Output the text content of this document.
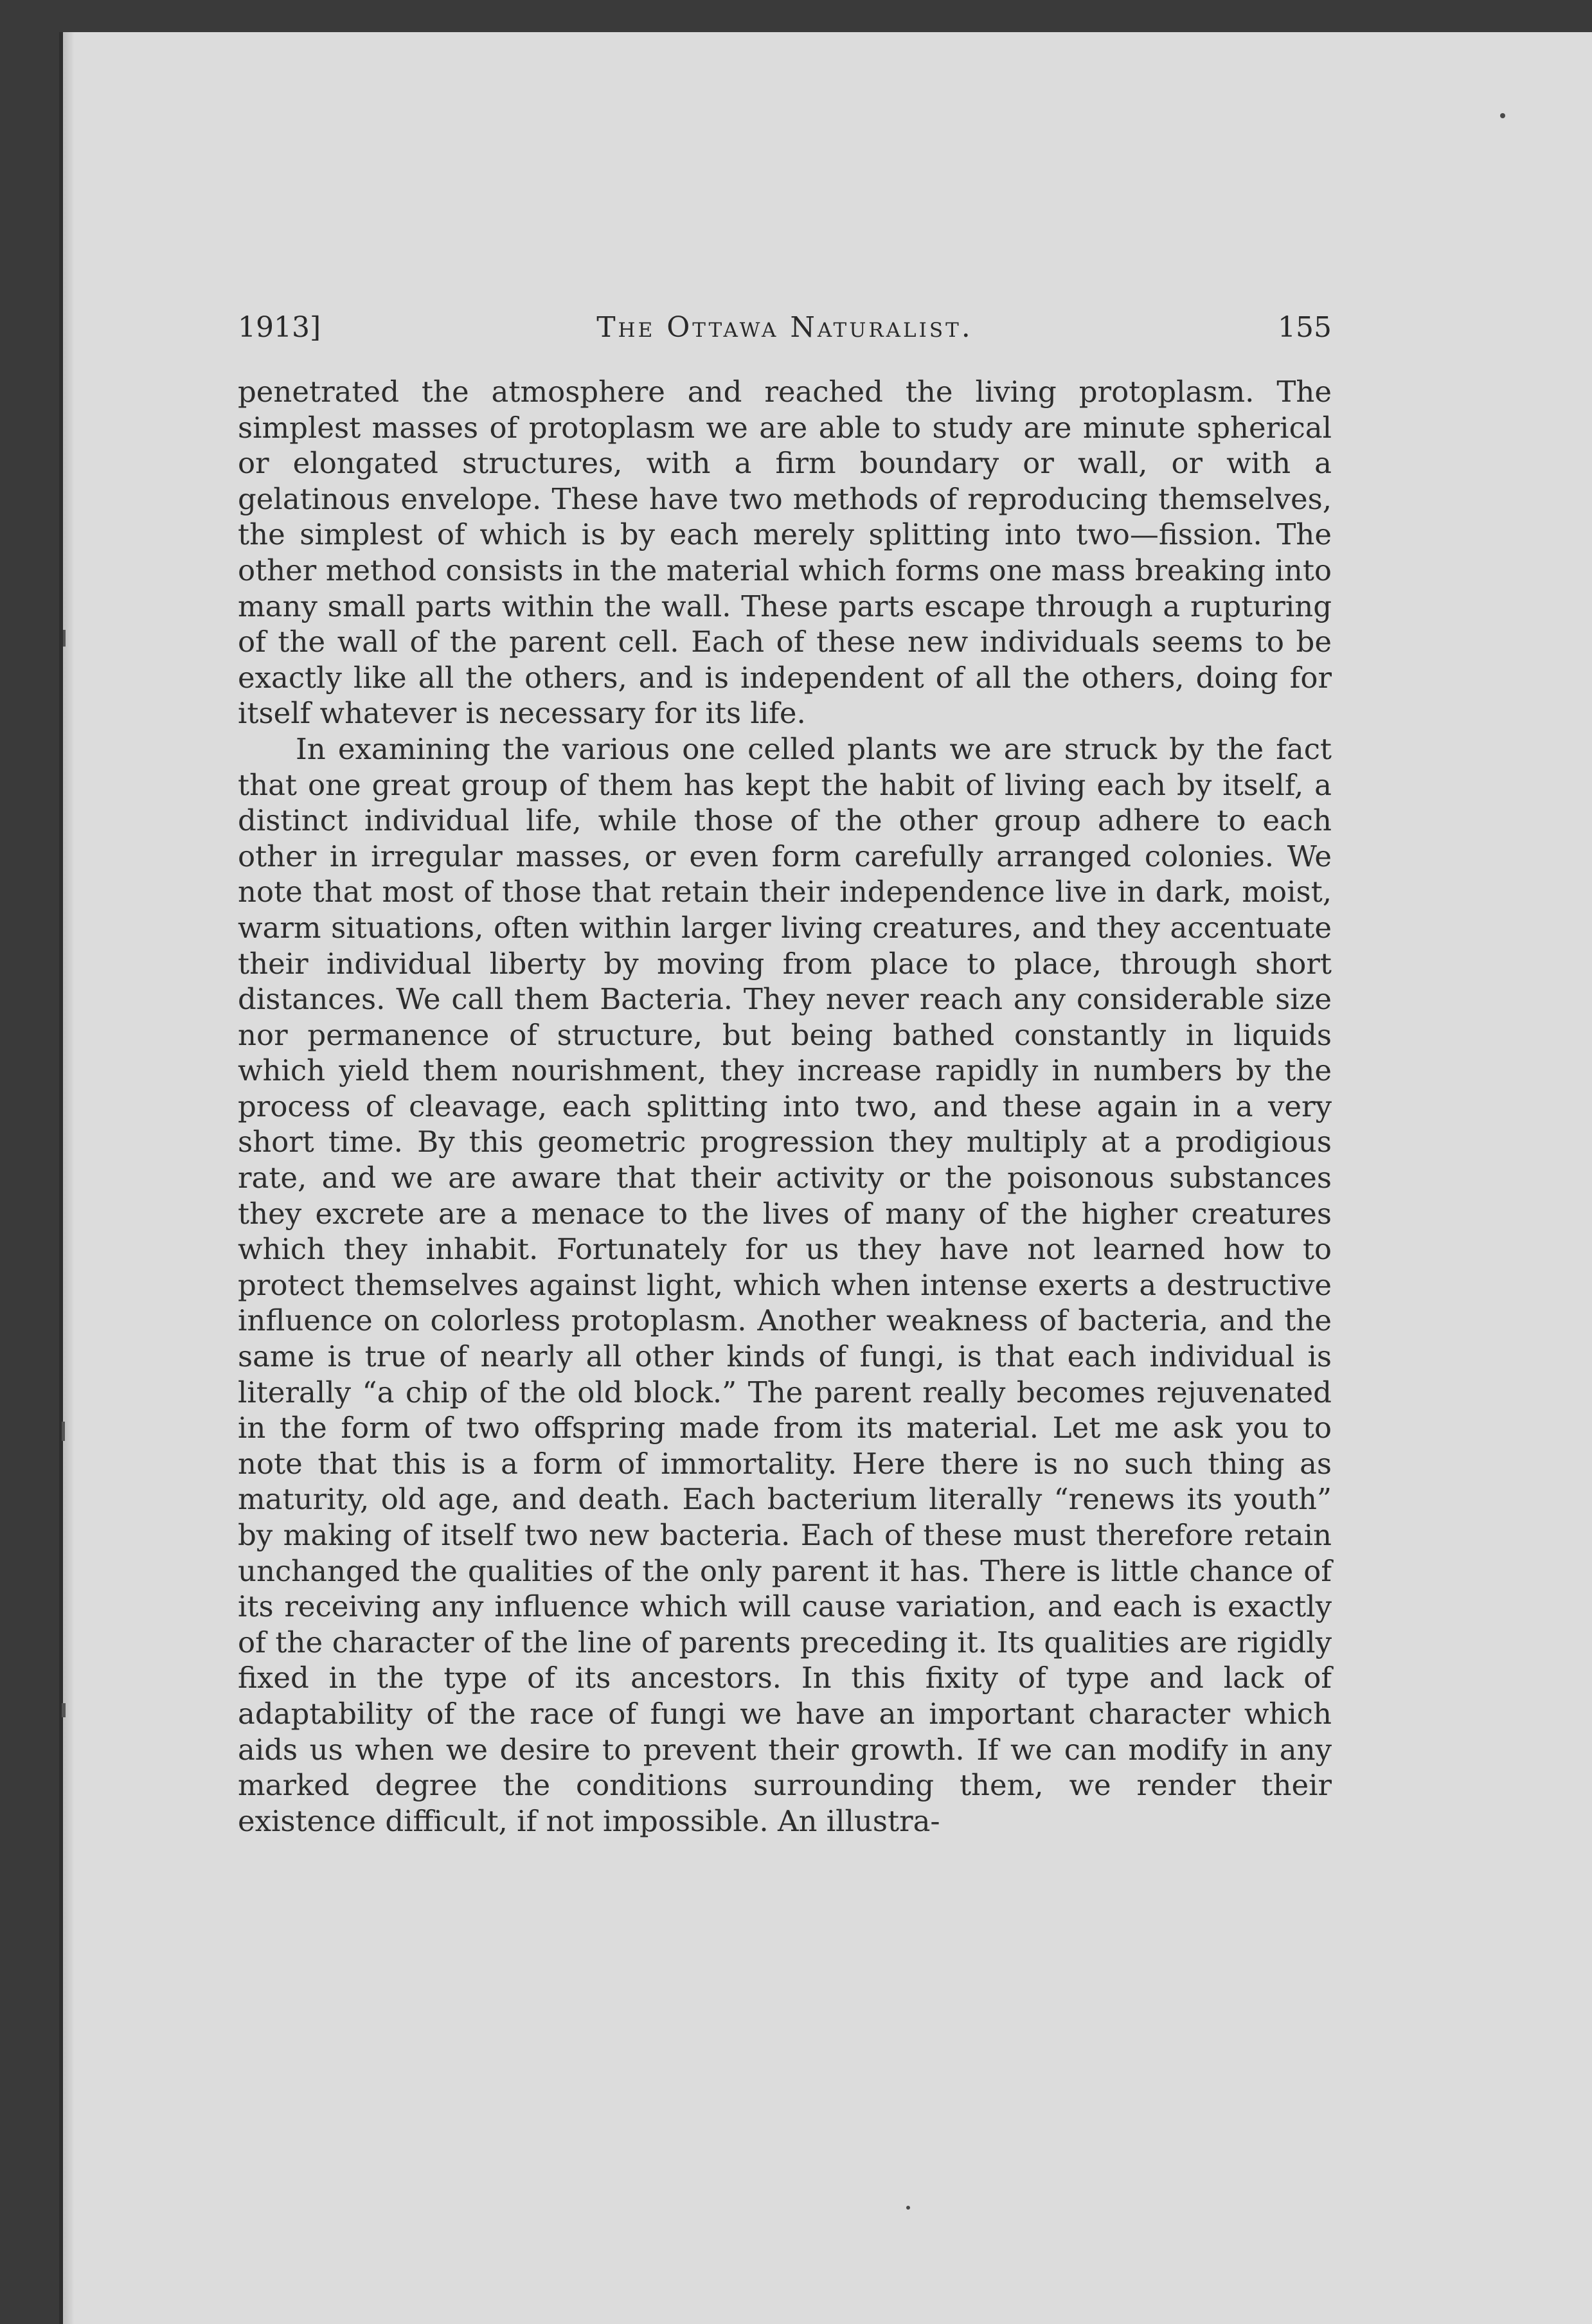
1913]	The Ottawa Naturalist.	155

penetrated the atmosphere and reached the living protoplasm. The simplest masses of protoplasm we are able to study are minute spherical or elongated structures, with a firm boundary or wall, or with a gelatinous envelope. These have two methods of reproducing themselves, the simplest of which is by each merely splitting into two—fission. The other method consists in the material which forms one mass breaking into many small parts within the wall. These parts escape through a rupturing of the wall of the parent cell. Each of these new individuals seems to be exactly like all the others, and is independent of all the others, doing for itself whatever is necessary for its life.

In examining the various one celled plants we are struck by the fact that one great group of them has kept the habit of living each by itself, a distinct individual life, while those of the other group adhere to each other in irregular masses, or even form carefully arranged colonies. We note that most of those that retain their independence live in dark, moist, warm situations, often within larger living creatures, and they accentuate their individual liberty by moving from place to place, through short distances. We call them Bacteria. They never reach any considerable size nor permanence of structure, but being bathed constantly in liquids which yield them nourishment, they increase rapidly in numbers by the process of cleavage, each splitting into two, and these again in a very short time. By this geometric progression they multiply at a prodigious rate, and we are aware that their activity or the poisonous substances they excrete are a menace to the lives of many of the higher creatures which they inhabit. Fortunately for us they have not learned how to protect themselves against light, which when intense exerts a destructive influence on colorless protoplasm. Another weakness of bacteria, and the same is true of nearly all other kinds of fungi, is that each individual is literally “a chip of the old block.” The parent really becomes rejuvenated in the form of two offspring made from its material. Let me ask you to note that this is a form of immortality. Here there is no such thing as maturity, old age, and death. Each bacterium literally “renews its youth” by making of itself two new bacteria. Each of these must therefore retain unchanged the qualities of the only parent it has. There is little chance of its receiving any influence which will cause variation, and each is exactly of the character of the line of parents preceding it. Its qualities are rigidly fixed in the type of its ancestors. In this fixity of type and lack of adaptability of the race of fungi we have an important character which aids us when we desire to prevent their growth. If we can modify in any marked degree the conditions surrounding them, we render their existence difficult, if not impossible. An illustra-
